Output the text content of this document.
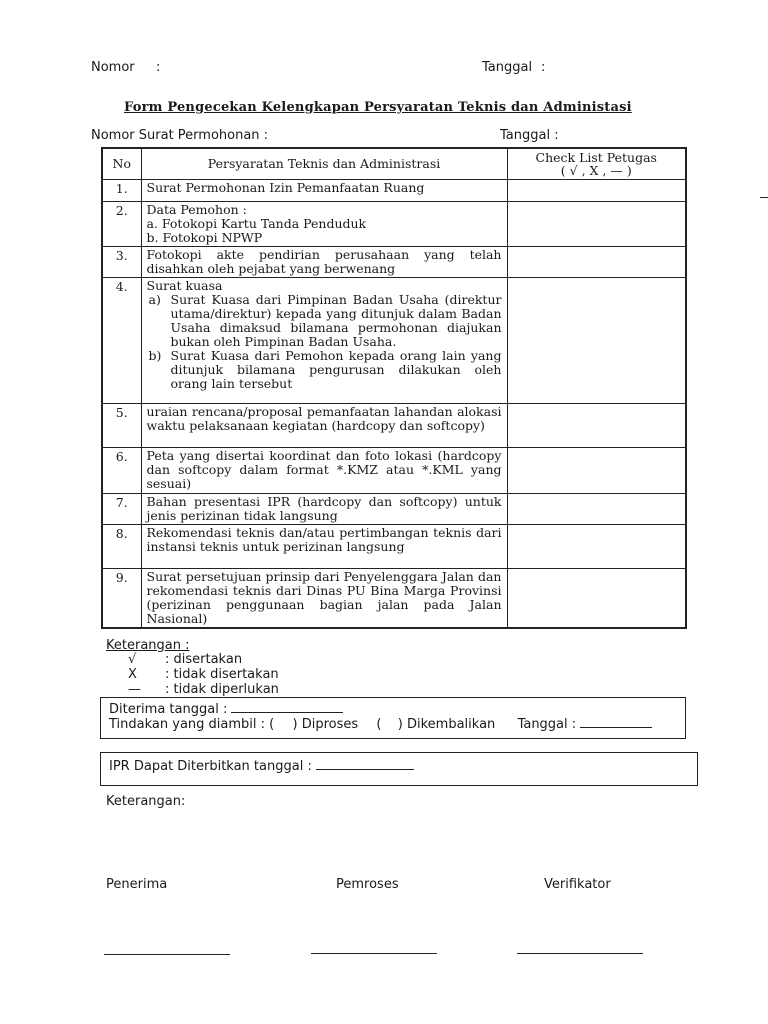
Nomor :	Tanggal :
Form Pengecekan Kelengkapan Persyaratan Teknis dan Administasi
Nomor Surat Permohonan :	Tanggal :
No	Persyaratan Teknis dan Administrasi	Check List Petugas
( √ , X , — )

1.	Surat Permohonan Izin Pemanfaatan Ruang	

2.	Data Pemohon :
a. Fotokopi Kartu Tanda Penduduk
b. Fotokopi NPWP	

3.	Fotokopi akte pendirian perusahaan yang telah disahkan oleh pejabat yang berwenang	

4.	Surat kuasa
a) Surat Kuasa dari Pimpinan Badan Usaha (direktur utama/direktur) kepada yang ditunjuk dalam Badan Usaha dimaksud bilamana permohonan diajukan bukan oleh Pimpinan Badan Usaha.
b) Surat Kuasa dari Pemohon kepada orang lain yang ditunjuk bilamana pengurusan dilakukan oleh orang lain tersebut	

5.	uraian rencana/proposal pemanfaatan lahandan alokasi waktu pelaksanaan kegiatan (hardcopy dan softcopy)	

6.	Peta yang disertai koordinat dan foto lokasi (hardcopy dan softcopy dalam format *.KMZ atau *.KML yang sesuai)	

7.	Bahan presentasi IPR (hardcopy dan softcopy) untuk jenis perizinan tidak langsung	

8.	Rekomendasi teknis dan/atau pertimbangan teknis dari instansi teknis untuk perizinan langsung	

9.	Surat persetujuan prinsip dari Penyelenggara Jalan dan rekomendasi teknis dari Dinas PU Bina Marga Provinsi (perizinan penggunaan bagian jalan pada Jalan Nasional)	

Keterangan :
√ : disertakan
X : tidak disertakan
— : tidak diperlukan
Diterima tanggal :
Tindakan yang diambil : ( ) Diproses ( ) Dikembalikan Tanggal :
IPR Dapat Diterbitkan tanggal :
Keterangan:
Penerima	Pemroses	Verifikator
